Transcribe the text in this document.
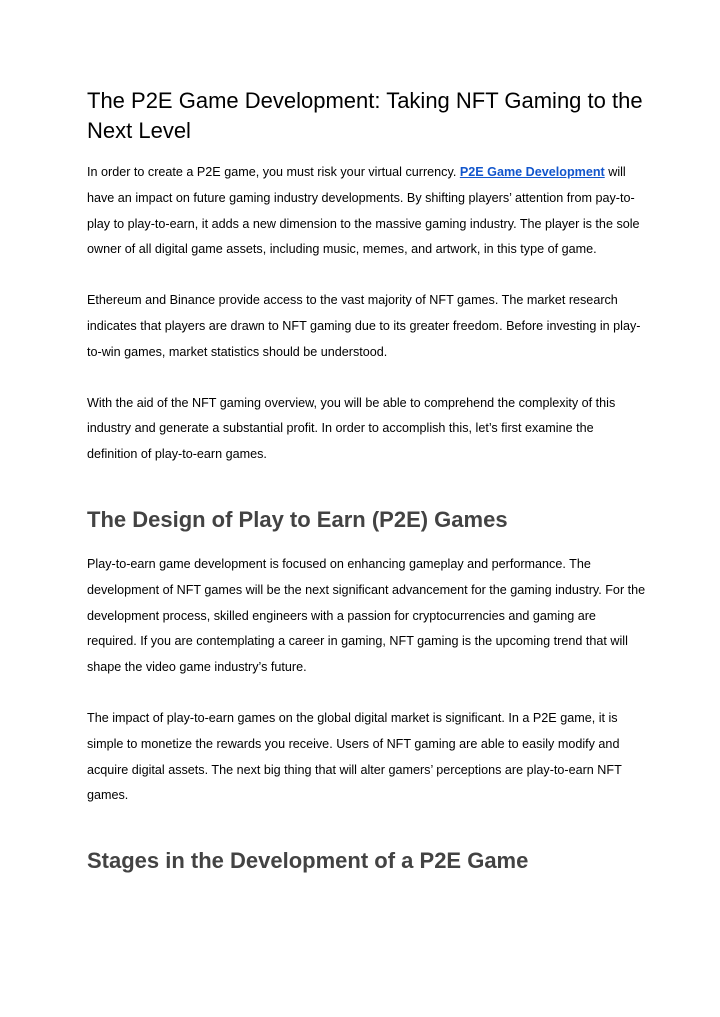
The P2E Game Development: Taking NFT Gaming to the Next Level

In order to create a P2E game, you must risk your virtual currency. P2E Game Development will have an impact on future gaming industry developments. By shifting players’ attention from pay-to-play to play-to-earn, it adds a new dimension to the massive gaming industry. The player is the sole owner of all digital game assets, including music, memes, and artwork, in this type of game.

Ethereum and Binance provide access to the vast majority of NFT games. The market research indicates that players are drawn to NFT gaming due to its greater freedom. Before investing in play-to-win games, market statistics should be understood.

With the aid of the NFT gaming overview, you will be able to comprehend the complexity of this industry and generate a substantial profit. In order to accomplish this, let’s first examine the definition of play-to-earn games.

The Design of Play to Earn (P2E) Games

Play-to-earn game development is focused on enhancing gameplay and performance. The development of NFT games will be the next significant advancement for the gaming industry. For the development process, skilled engineers with a passion for cryptocurrencies and gaming are required. If you are contemplating a career in gaming, NFT gaming is the upcoming trend that will shape the video game industry’s future.

The impact of play-to-earn games on the global digital market is significant. In a P2E game, it is simple to monetize the rewards you receive. Users of NFT gaming are able to easily modify and acquire digital assets. The next big thing that will alter gamers’ perceptions are play-to-earn NFT games.

Stages in the Development of a P2E Game
